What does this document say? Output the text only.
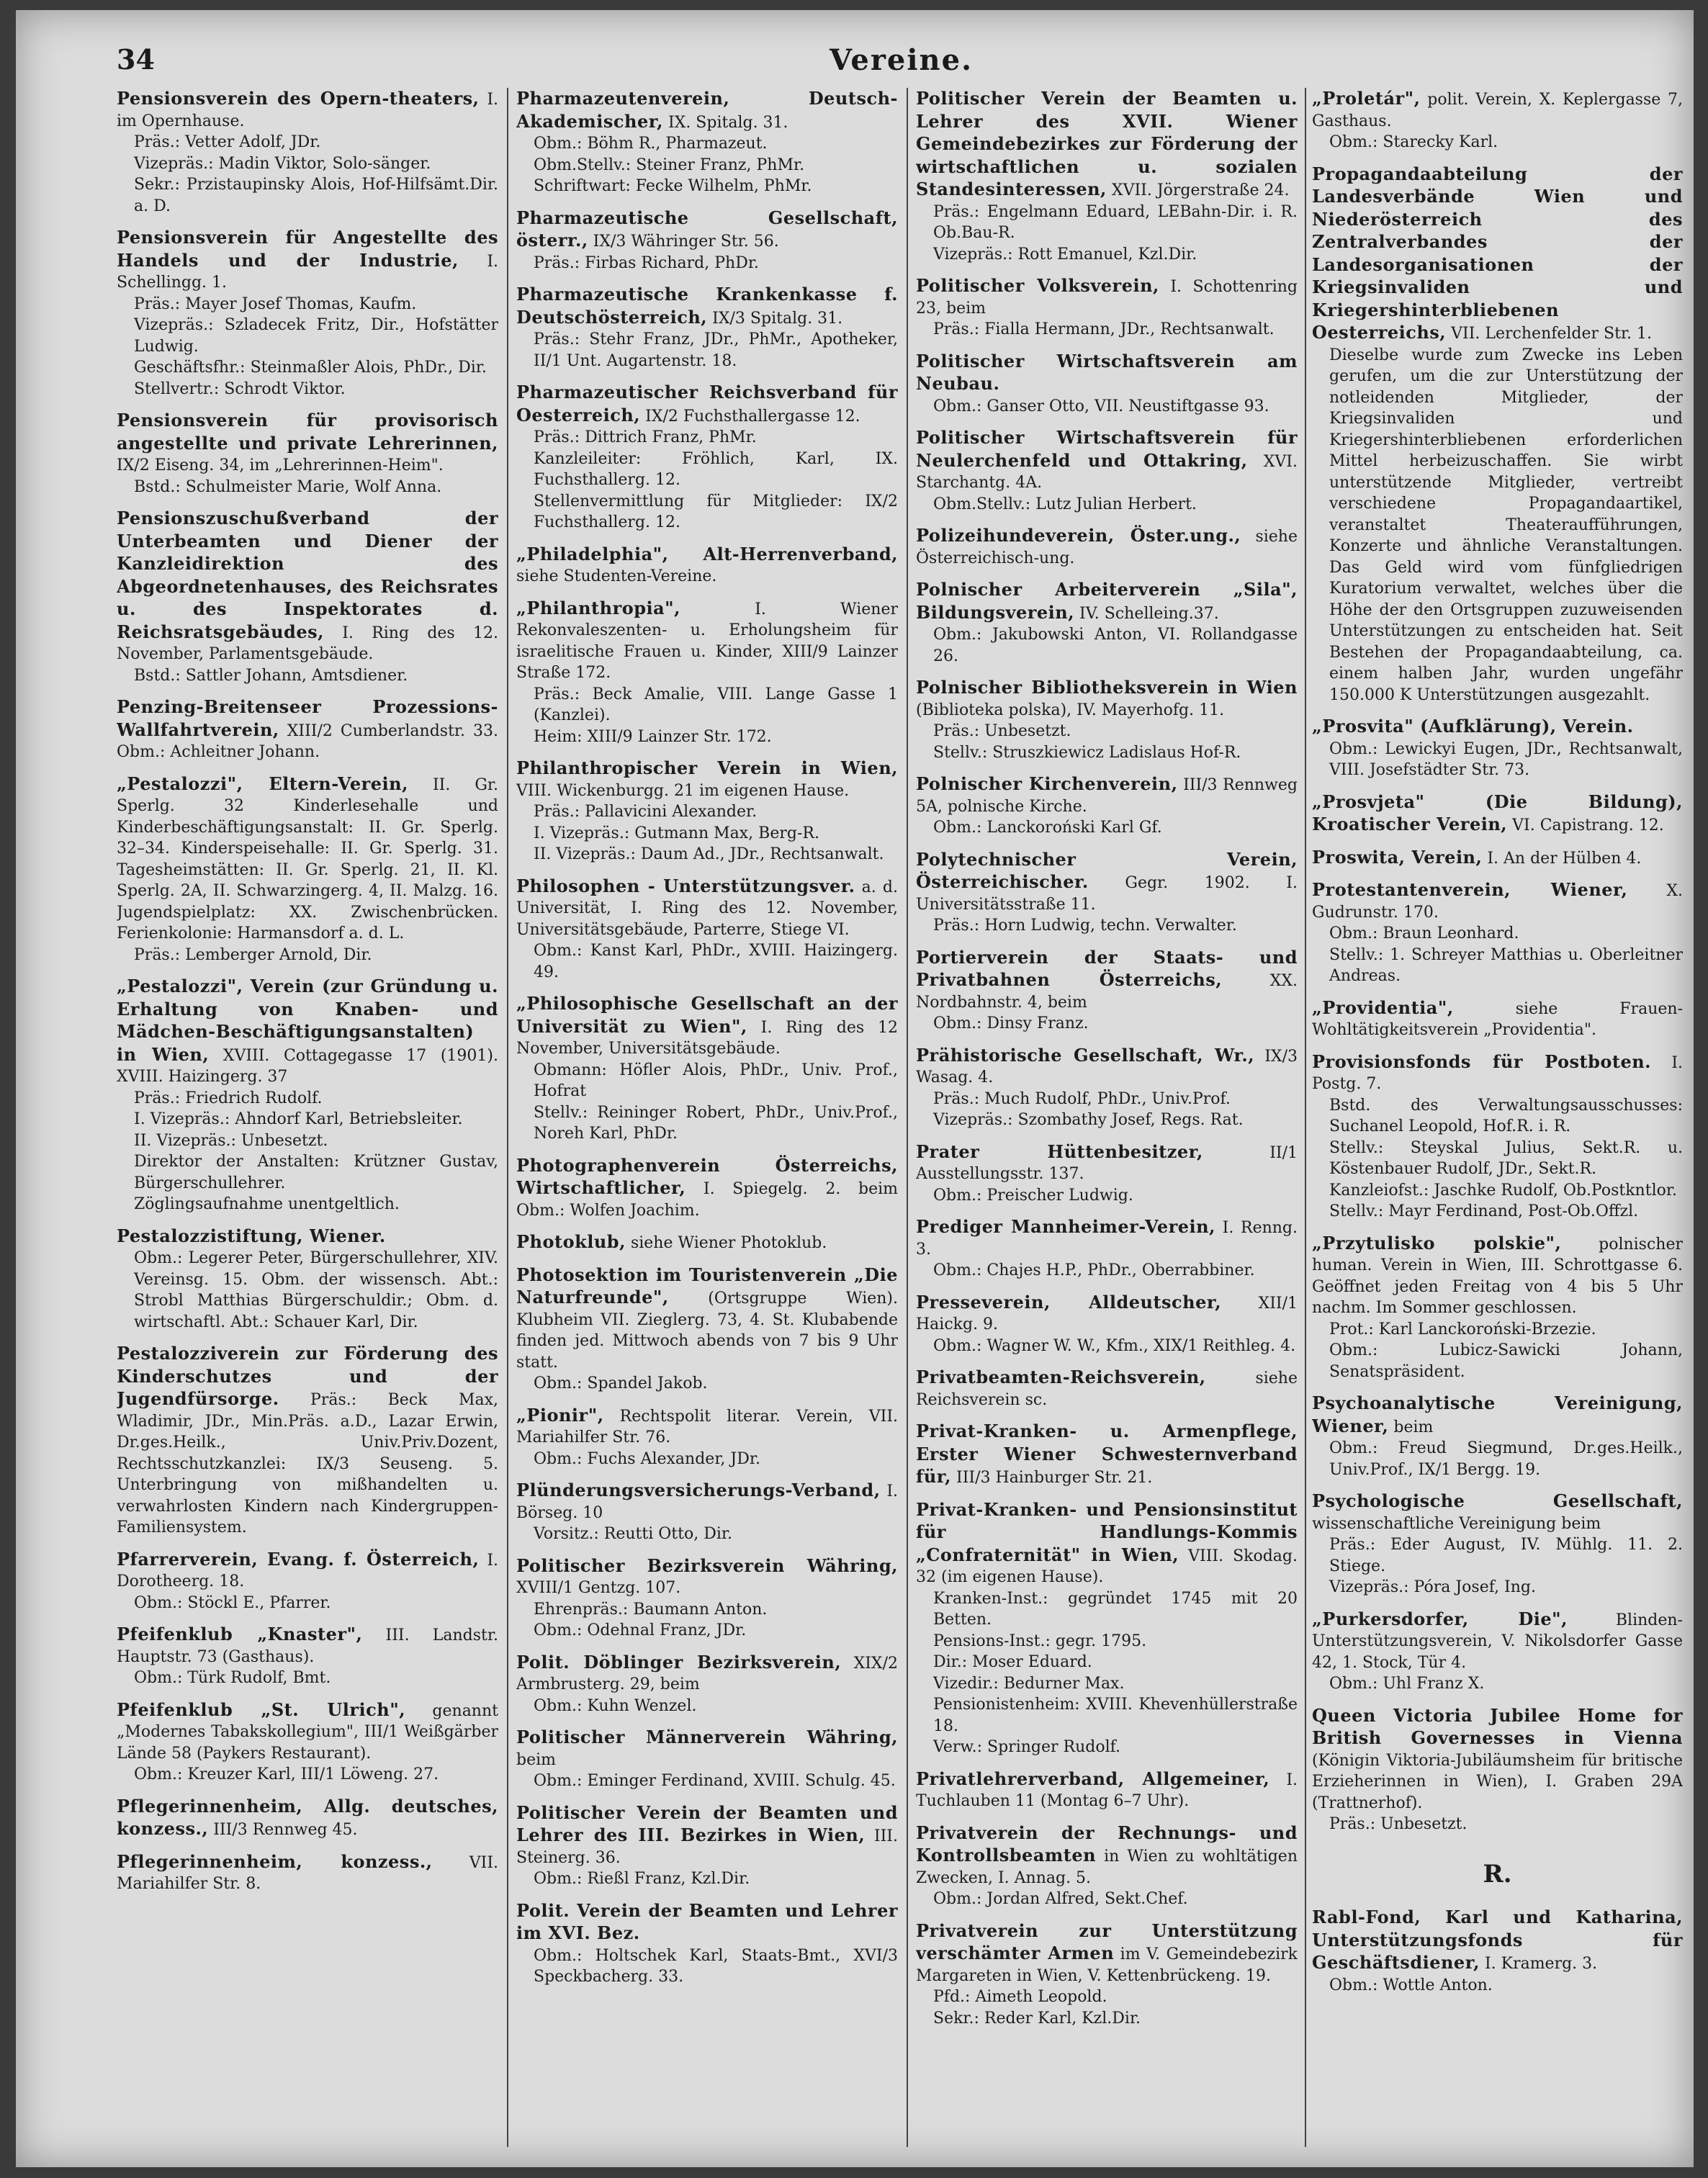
34	Vereine.
Pensionsverein des Opern-theaters, I. im Opernhause.
Präs.: Vetter Adolf, JDr.
Vizepräs.: Madin Viktor, Solo-sänger.
Sekr.: Przistaupinsky Alois, Hof-Hilfsämt.Dir. a. D.
Pensionsverein für Angestellte des Handels und der Industrie, I. Schellingg. 1.
Präs.: Mayer Josef Thomas, Kaufm.
Vizepräs.: Szladecek Fritz, Dir., Hofstätter Ludwig.
Geschäftsfhr.: Steinmaßler Alois, PhDr., Dir.
Stellvertr.: Schrodt Viktor.
Pensionsverein für provisorisch angestellte und private Lehrerinnen, IX/2 Eiseng. 34, im „Lehrerinnen-Heim".
Bstd.: Schulmeister Marie, Wolf Anna.
Pensionszuschußverband der Unterbeamten und Diener der Kanzleidirektion des Abgeordnetenhauses, des Reichsrates u. des Inspektorates d. Reichsratsgebäudes, I. Ring des 12. November, Parlamentsgebäude.
Bstd.: Sattler Johann, Amtsdiener.
Penzing-Breitenseer Prozessions-Wallfahrtverein, XIII/2 Cumberlandstr. 33. Obm.: Achleitner Johann.
„Pestalozzi", Eltern-Verein, II. Gr. Sperlg. 32 Kinderlesehalle und Kinderbeschäftigungsanstalt: II. Gr. Sperlg. 32–34. Kinderspeisehalle: II. Gr. Sperlg. 31. Tagesheimstätten: II. Gr. Sperlg. 21, II. Kl. Sperlg. 2A, II. Schwarzingerg. 4, II. Malzg. 16. Jugendspielplatz: XX. Zwischenbrücken. Ferienkolonie: Harmansdorf a. d. L.
Präs.: Lemberger Arnold, Dir.
„Pestalozzi", Verein (zur Gründung u. Erhaltung von Knaben- und Mädchen-Beschäftigungsanstalten) in Wien, XVIII. Cottagegasse 17 (1901). XVIII. Haizingerg. 37
Präs.: Friedrich Rudolf.
I. Vizepräs.: Ahndorf Karl, Betriebsleiter.
II. Vizepräs.: Unbesetzt.
Direktor der Anstalten: Krützner Gustav, Bürgerschullehrer.
Zöglingsaufnahme unentgeltlich.
Pestalozzistiftung, Wiener.
Obm.: Legerer Peter, Bürgerschullehrer, XIV. Vereinsg. 15. Obm. der wissensch. Abt.: Strobl Matthias Bürgerschuldir.; Obm. d. wirtschaftl. Abt.: Schauer Karl, Dir.
Pestalozziverein zur Förderung des Kinderschutzes und der Jugendfürsorge. Präs.: Beck Max, Wladimir, JDr., Min.Präs. a.D., Lazar Erwin, Dr.ges.Heilk., Univ.Priv.Dozent, Rechtsschutzkanzlei: IX/3 Seuseng. 5. Unterbringung von mißhandelten u. verwahrlosten Kindern nach Kindergruppen-Familiensystem.
Pfarrerverein, Evang. f. Österreich, I. Dorotheerg. 18.
Obm.: Stöckl E., Pfarrer.
Pfeifenklub „Knaster", III. Landstr. Hauptstr. 73 (Gasthaus).
Obm.: Türk Rudolf, Bmt.
Pfeifenklub „St. Ulrich", genannt „Modernes Tabakskollegium", III/1 Weißgärber Lände 58 (Paykers Restaurant).
Obm.: Kreuzer Karl, III/1 Löweng. 27.
Pflegerinnenheim, Allg. deutsches, konzess., III/3 Rennweg 45.
Pflegerinnenheim, konzess., VII. Mariahilfer Str. 8.
Pharmazeutenverein, Deutsch-Akademischer, IX. Spitalg. 31.
Obm.: Böhm R., Pharmazeut.
Obm.Stellv.: Steiner Franz, PhMr.
Schriftwart: Fecke Wilhelm, PhMr.
Pharmazeutische Gesellschaft, österr., IX/3 Währinger Str. 56.
Präs.: Firbas Richard, PhDr.
Pharmazeutische Krankenkasse f. Deutschösterreich, IX/3 Spitalg. 31.
Präs.: Stehr Franz, JDr., PhMr., Apotheker, II/1 Unt. Augartenstr. 18.
Pharmazeutischer Reichsverband für Oesterreich, IX/2 Fuchsthallergasse 12.
Präs.: Dittrich Franz, PhMr.
Kanzleileiter: Fröhlich, Karl, IX. Fuchsthallerg. 12.
Stellenvermittlung für Mitglieder: IX/2 Fuchsthallerg. 12.
„Philadelphia", Alt-Herrenverband, siehe Studenten-Vereine.
„Philanthropia",	I. Wiener Rekonvaleszenten- u. Erholungsheim für israelitische Frauen u. Kinder, XIII/9 Lainzer Straße 172.
Präs.: Beck Amalie, VIII. Lange Gasse 1 (Kanzlei).
Heim: XIII/9 Lainzer Str. 172.
Philanthropischer Verein in Wien, VIII. Wickenburgg. 21 im eigenen Hause.
Präs.: Pallavicini Alexander.
I. Vizepräs.: Gutmann Max, Berg-R.
II. Vizepräs.: Daum Ad., JDr., Rechtsanwalt.
Philosophen - Unterstützungsver. a. d. Universität, I. Ring des 12. November, Universitätsgebäude, Parterre, Stiege VI.
Obm.: Kanst Karl, PhDr., XVIII. Haizingerg. 49.
„Philosophische Gesellschaft an der Universität zu Wien", I. Ring des 12 November, Universitätsgebäude.
Obmann: Höfler Alois, PhDr., Univ. Prof., Hofrat
Stellv.: Reininger Robert, PhDr., Univ.Prof., Noreh Karl, PhDr.
Photographenverein Österreichs, Wirtschaftlicher, I. Spiegelg. 2. beim Obm.: Wolfen Joachim.
Photoklub, siehe Wiener Photoklub.
Photosektion im Touristenverein „Die Naturfreunde", (Ortsgruppe Wien). Klubheim VII. Zieglerg. 73, 4. St. Klubabende finden jed. Mittwoch abends von 7 bis 9 Uhr statt.
Obm.: Spandel Jakob.
„Pionir", Rechtspolit literar. Verein, VII. Mariahilfer Str. 76.
Obm.: Fuchs Alexander, JDr.
Plünderungsversicherungs-Verband, I. Börseg. 10
Vorsitz.: Reutti Otto, Dir.
Politischer Bezirksverein Währing, XVIII/1 Gentzg. 107.
Ehrenpräs.: Baumann Anton.
Obm.: Odehnal Franz, JDr.
Polit. Döblinger Bezirksverein, XIX/2 Armbrusterg. 29, beim
Obm.: Kuhn Wenzel.
Politischer Männerverein Währing, beim
Obm.: Eminger Ferdinand, XVIII. Schulg. 45.
Politischer Verein der Beamten und Lehrer des III. Bezirkes in Wien, III. Steinerg. 36.
Obm.: Rießl Franz, Kzl.Dir.
Polit. Verein der Beamten und Lehrer im XVI. Bez.
Obm.: Holtschek Karl, Staats-Bmt., XVI/3 Speckbacherg. 33.
Politischer Verein der Beamten u. Lehrer des XVII. Wiener Gemeindebezirkes zur Förderung der wirtschaftlichen u. sozialen Standesinteressen, XVII. Jörgerstraße 24.
Präs.: Engelmann Eduard, LEBahn-Dir. i. R. Ob.Bau-R.
Vizepräs.: Rott Emanuel, Kzl.Dir.
Politischer Volksverein, I. Schottenring 23, beim
Präs.: Fialla Hermann, JDr., Rechtsanwalt.
Politischer Wirtschaftsverein am Neubau.
Obm.: Ganser Otto, VII. Neustiftgasse 93.
Politischer Wirtschaftsverein für Neulerchenfeld und Ottakring, XVI. Starchantg. 4A.
Obm.Stellv.: Lutz Julian Herbert.
Polizeihundeverein, Öster.ung., siehe Österreichisch-ung.
Polnischer Arbeiterverein „Sila", Bildungsverein, IV. Schelleing.37.
Obm.: Jakubowski Anton, VI. Rollandgasse 26.
Polnischer Bibliotheksverein in Wien (Biblioteka polska), IV. Mayerhofg. 11.
Präs.: Unbesetzt.
Stellv.: Struszkiewicz Ladislaus Hof-R.
Polnischer Kirchenverein, III/3 Rennweg 5A, polnische Kirche.
Obm.: Lanckoroński Karl Gf.
Polytechnischer Verein, Österreichischer. Gegr. 1902. I. Universitätsstraße 11.
Präs.: Horn Ludwig, techn. Verwalter.
Portierverein der Staats- und Privatbahnen Österreichs,	XX. Nordbahnstr. 4, beim
Obm.: Dinsy Franz.
Prähistorische Gesellschaft, Wr., IX/3 Wasag. 4.
Präs.: Much Rudolf, PhDr., Univ.Prof.
Vizepräs.: Szombathy Josef, Regs. Rat.
Prater Hüttenbesitzer,	II/1 Ausstellungsstr. 137.
Obm.: Preischer Ludwig.
Prediger Mannheimer-Verein, I. Renng. 3.
Obm.: Chajes H.P., PhDr., Oberrabbiner.
Presseverein, Alldeutscher, XII/1 Haickg. 9.
Obm.: Wagner W. W., Kfm., XIX/1 Reithleg. 4.
Privatbeamten-Reichsverein,	siehe Reichsverein sc.
Privat-Kranken- u. Armenpflege, Erster Wiener Schwesternverband für, III/3 Hainburger Str. 21.
Privat-Kranken- und Pensionsinstitut für Handlungs-Kommis „Confraternität" in Wien, VIII. Skodag. 32 (im eigenen Hause).
Kranken-Inst.: gegründet 1745 mit 20 Betten.
Pensions-Inst.: gegr. 1795.
Dir.: Moser Eduard.
Vizedir.: Bedurner Max.
Pensionistenheim: XVIII. Khevenhüllerstraße 18.
Verw.: Springer Rudolf.
Privatlehrerverband, Allgemeiner, I. Tuchlauben 11 (Montag 6–7 Uhr).
Privatverein der Rechnungs- und Kontrollsbeamten in Wien zu wohltätigen Zwecken, I. Annag. 5.
Obm.: Jordan Alfred, Sekt.Chef.
Privatverein zur Unterstützung verschämter Armen im V. Gemeindebezirk Margareten in Wien, V. Kettenbrückeng. 19.
Pfd.: Aimeth Leopold.
Sekr.: Reder Karl, Kzl.Dir.
„Proletár", polit. Verein, X. Keplergasse 7, Gasthaus.
Obm.: Starecky Karl.
Propagandaabteilung der Landesverbände Wien und Niederösterreich des Zentralverbandes der Landesorganisationen der Kriegsinvaliden und Kriegershinterbliebenen Oesterreichs, VII. Lerchenfelder Str. 1.
Dieselbe wurde zum Zwecke ins Leben gerufen, um die zur Unterstützung der notleidenden Mitglieder, der Kriegsinvaliden und Kriegershinterbliebenen erforderlichen Mittel herbeizuschaffen. Sie wirbt unterstützende Mitglieder, vertreibt verschiedene Propagandaartikel, veranstaltet Theateraufführungen, Konzerte und ähnliche Veranstaltungen. Das Geld wird vom fünfgliedrigen Kuratorium verwaltet, welches über die Höhe der den Ortsgruppen zuzuweisenden Unterstützungen zu entscheiden hat. Seit Bestehen der Propagandaabteilung, ca. einem halben Jahr, wurden ungefähr 150.000 K Unterstützungen ausgezahlt.
„Prosvita" (Aufklärung), Verein.
Obm.: Lewickyi Eugen, JDr., Rechtsanwalt, VIII. Josefstädter Str. 73.
„Prosvjeta" (Die Bildung), Kroatischer Verein, VI. Capistrang. 12.
Proswita, Verein, I. An der Hülben 4.
Protestantenverein, Wiener, X. Gudrunstr. 170.
Obm.: Braun Leonhard.
Stellv.: 1. Schreyer Matthias u. Oberleitner Andreas.
„Providentia",	siehe Frauen-Wohltätigkeitsverein „Providentia".
Provisionsfonds für Postboten. I. Postg. 7.
Bstd. des Verwaltungsausschusses: Suchanel Leopold, Hof.R. i. R.
Stellv.: Steyskal Julius, Sekt.R. u. Köstenbauer Rudolf, JDr., Sekt.R.
Kanzleiofst.: Jaschke Rudolf, Ob.Postkntlor.
Stellv.: Mayr Ferdinand, Post-Ob.Offzl.
„Przytulisko polskie", polnischer human. Verein in Wien, III. Schrottgasse 6. Geöffnet jeden Freitag von 4 bis 5 Uhr nachm. Im Sommer geschlossen.
Prot.: Karl Lanckoroński-Brzezie.
Obm.: Lubicz-Sawicki Johann, Senatspräsident.
Psychoanalytische Vereinigung, Wiener, beim
Obm.: Freud Siegmund, Dr.ges.Heilk., Univ.Prof., IX/1 Bergg. 19.
Psychologische Gesellschaft, wissenschaftliche Vereinigung beim
Präs.: Eder August, IV. Mühlg. 11. 2. Stiege.
Vizepräs.: Póra Josef, Ing.
„Purkersdorfer, Die",	Blinden-Unterstützungsverein, V. Nikolsdorfer Gasse 42, 1. Stock, Tür 4.
Obm.: Uhl Franz X.
Queen Victoria Jubilee Home for British Governesses in Vienna (Königin Viktoria-Jubiläumsheim für britische Erzieherinnen in Wien), I. Graben 29A (Trattnerhof).
Präs.: Unbesetzt.
R.
Rabl-Fond, Karl und Katharina, Unterstützungsfonds für Geschäftsdiener, I. Kramerg. 3.
Obm.: Wottle Anton.
